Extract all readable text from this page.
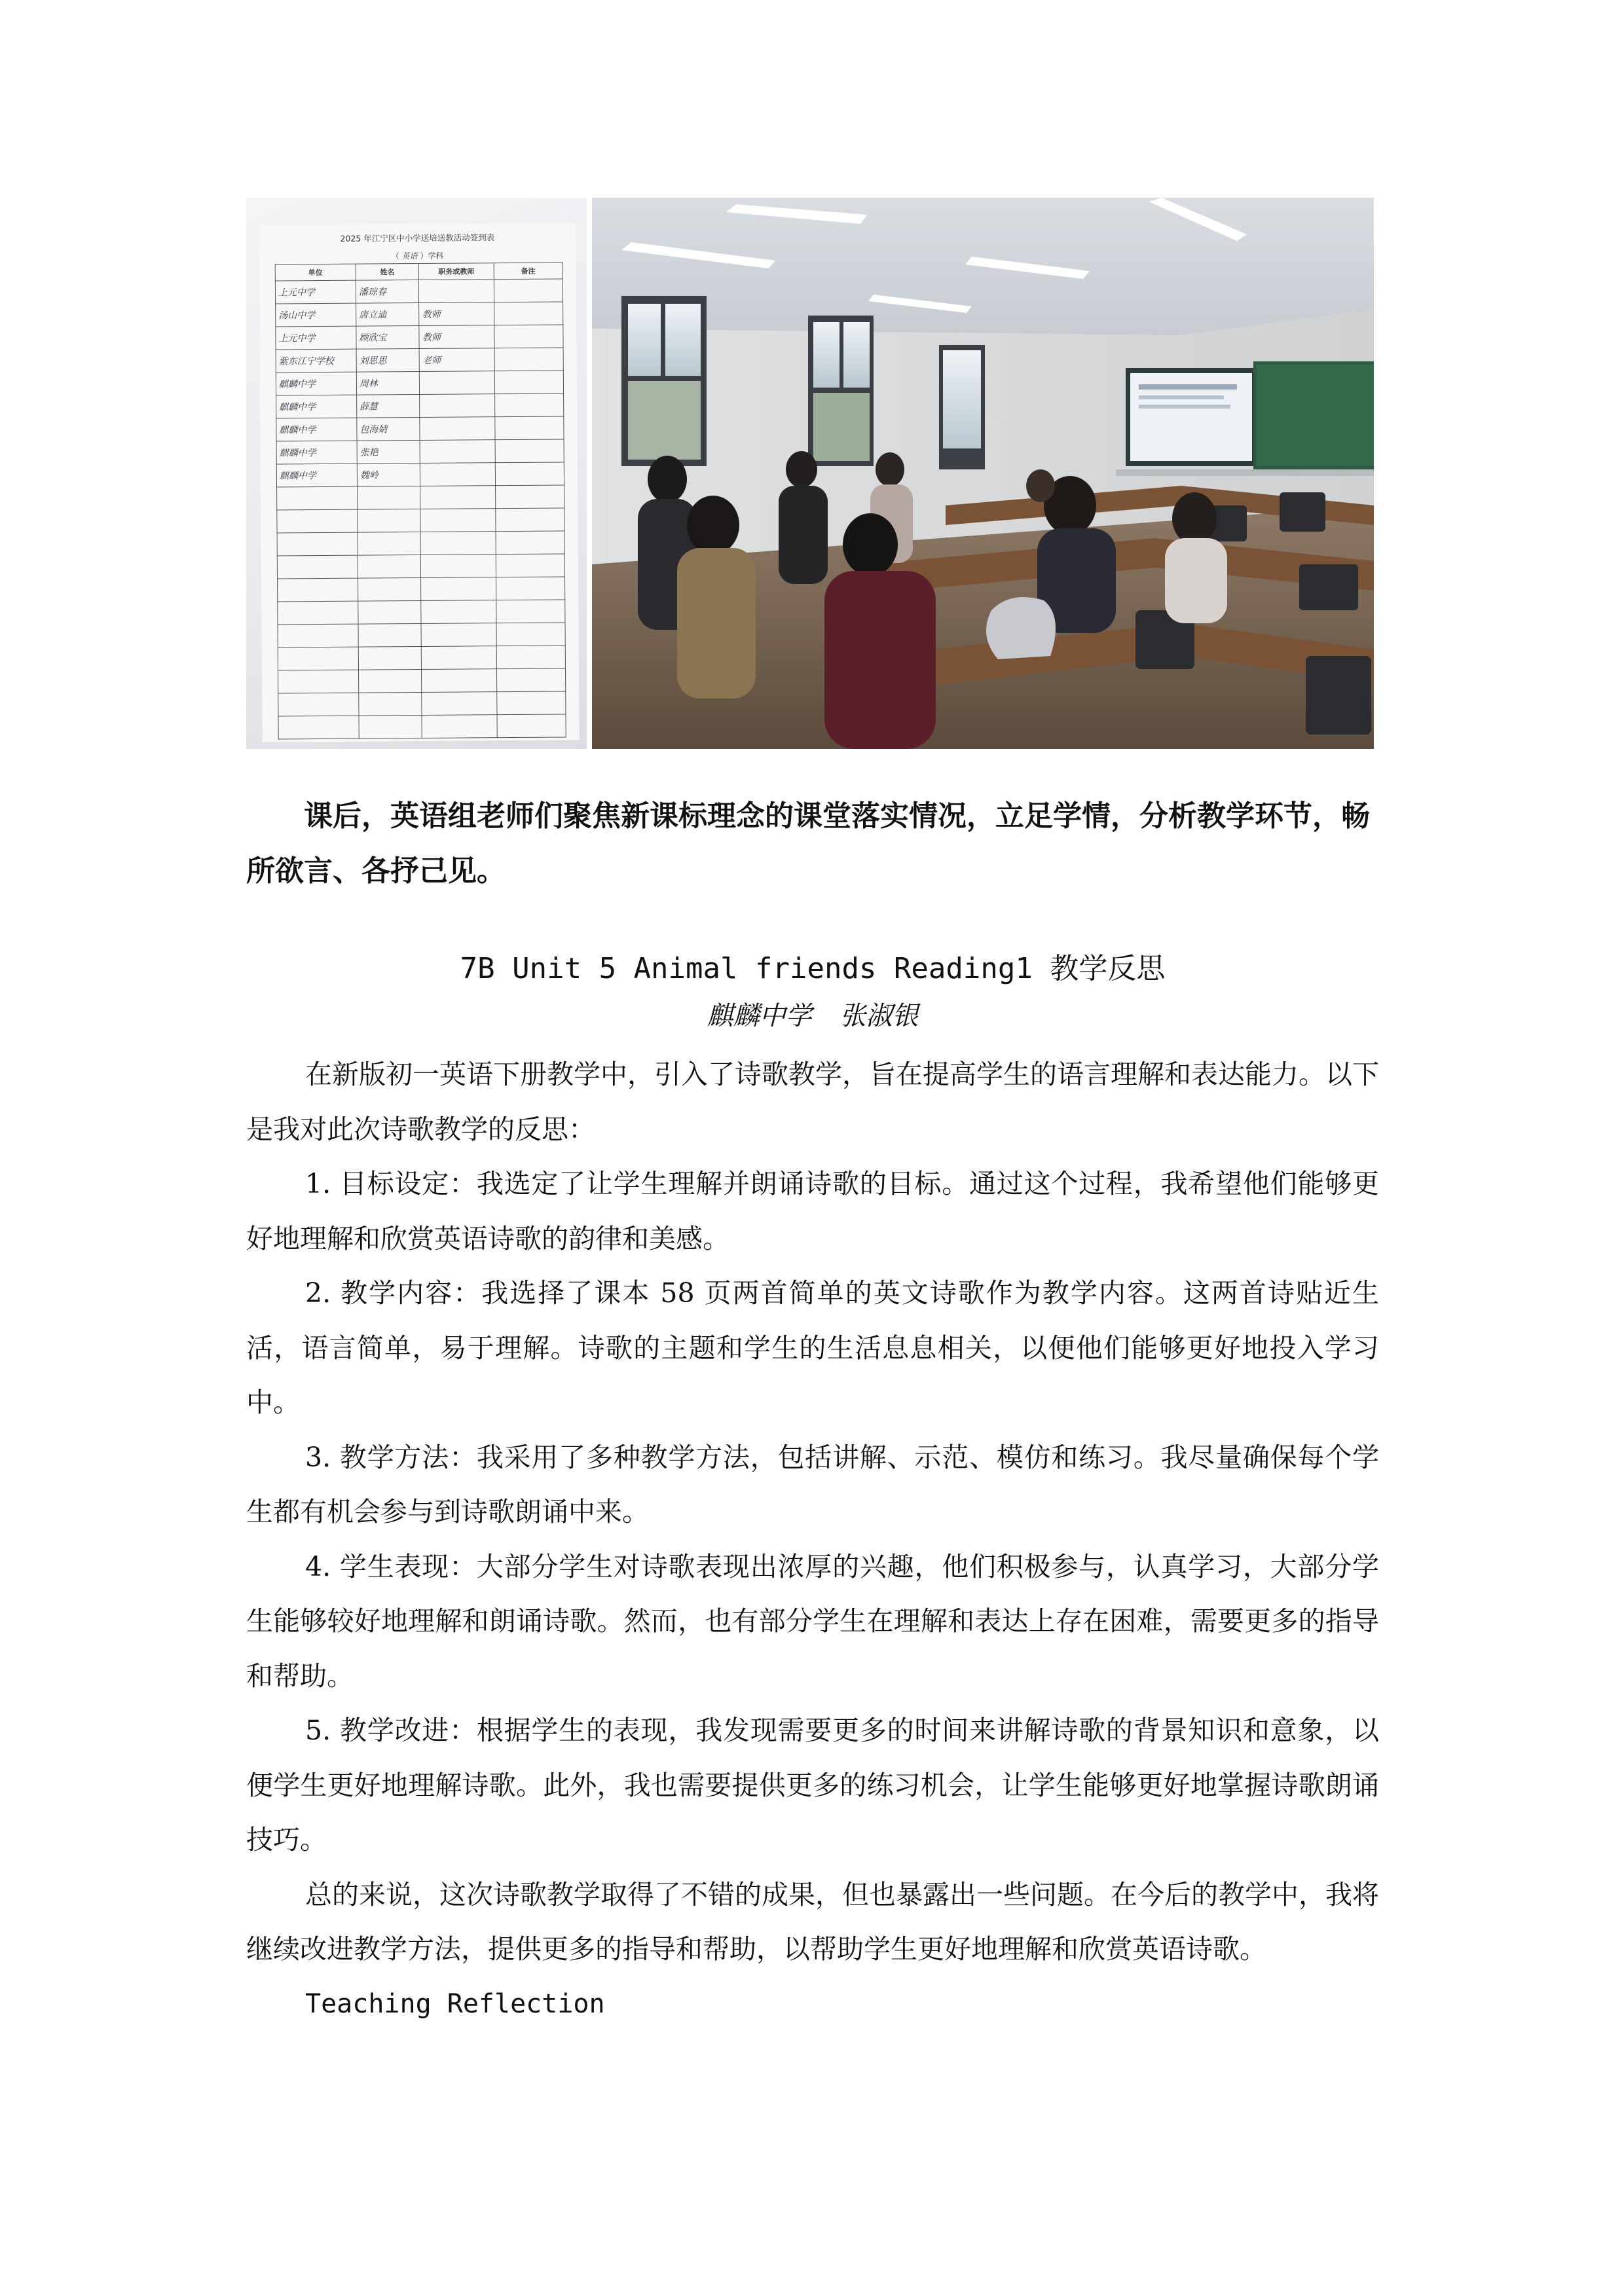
2025 年江宁区中小学送培送教活动签到表
（ 英语 ）学科
单位	姓名	职务或教师	备注
上元中学	潘琮春		
汤山中学	唐立迪	教师	
上元中学	顾欣宝	教师	
紫东江宁学校	刘思思	老师	
麒麟中学	周林		
麒麟中学	薛慧		
麒麟中学	包海婧		
麒麟中学	张艳		
麒麟中学	魏岭		

课后，英语组老师们聚焦新课标理念的课堂落实情况，立足学情，分析教学环节，畅所欲言、各抒己见。
7B Unit 5 Animal friends Reading1 教学反思
麒麟中学 张淑银

在新版初一英语下册教学中，引入了诗歌教学，旨在提高学生的语言理解和表达能力。以下是我对此次诗歌教学的反思：

1. 目标设定：我选定了让学生理解并朗诵诗歌的目标。通过这个过程，我希望他们能够更好地理解和欣赏英语诗歌的韵律和美感。

2. 教学内容：我选择了课本 58 页两首简单的英文诗歌作为教学内容。这两首诗贴近生活，语言简单，易于理解。诗歌的主题和学生的生活息息相关，以便他们能够更好地投入学习中。

3. 教学方法：我采用了多种教学方法，包括讲解、示范、模仿和练习。我尽量确保每个学生都有机会参与到诗歌朗诵中来。

4. 学生表现：大部分学生对诗歌表现出浓厚的兴趣，他们积极参与，认真学习，大部分学生能够较好地理解和朗诵诗歌。然而，也有部分学生在理解和表达上存在困难，需要更多的指导和帮助。

5. 教学改进：根据学生的表现，我发现需要更多的时间来讲解诗歌的背景知识和意象，以便学生更好地理解诗歌。此外，我也需要提供更多的练习机会，让学生能够更好地掌握诗歌朗诵技巧。

总的来说，这次诗歌教学取得了不错的成果，但也暴露出一些问题。在今后的教学中，我将继续改进教学方法，提供更多的指导和帮助，以帮助学生更好地理解和欣赏英语诗歌。

Teaching Reflection
